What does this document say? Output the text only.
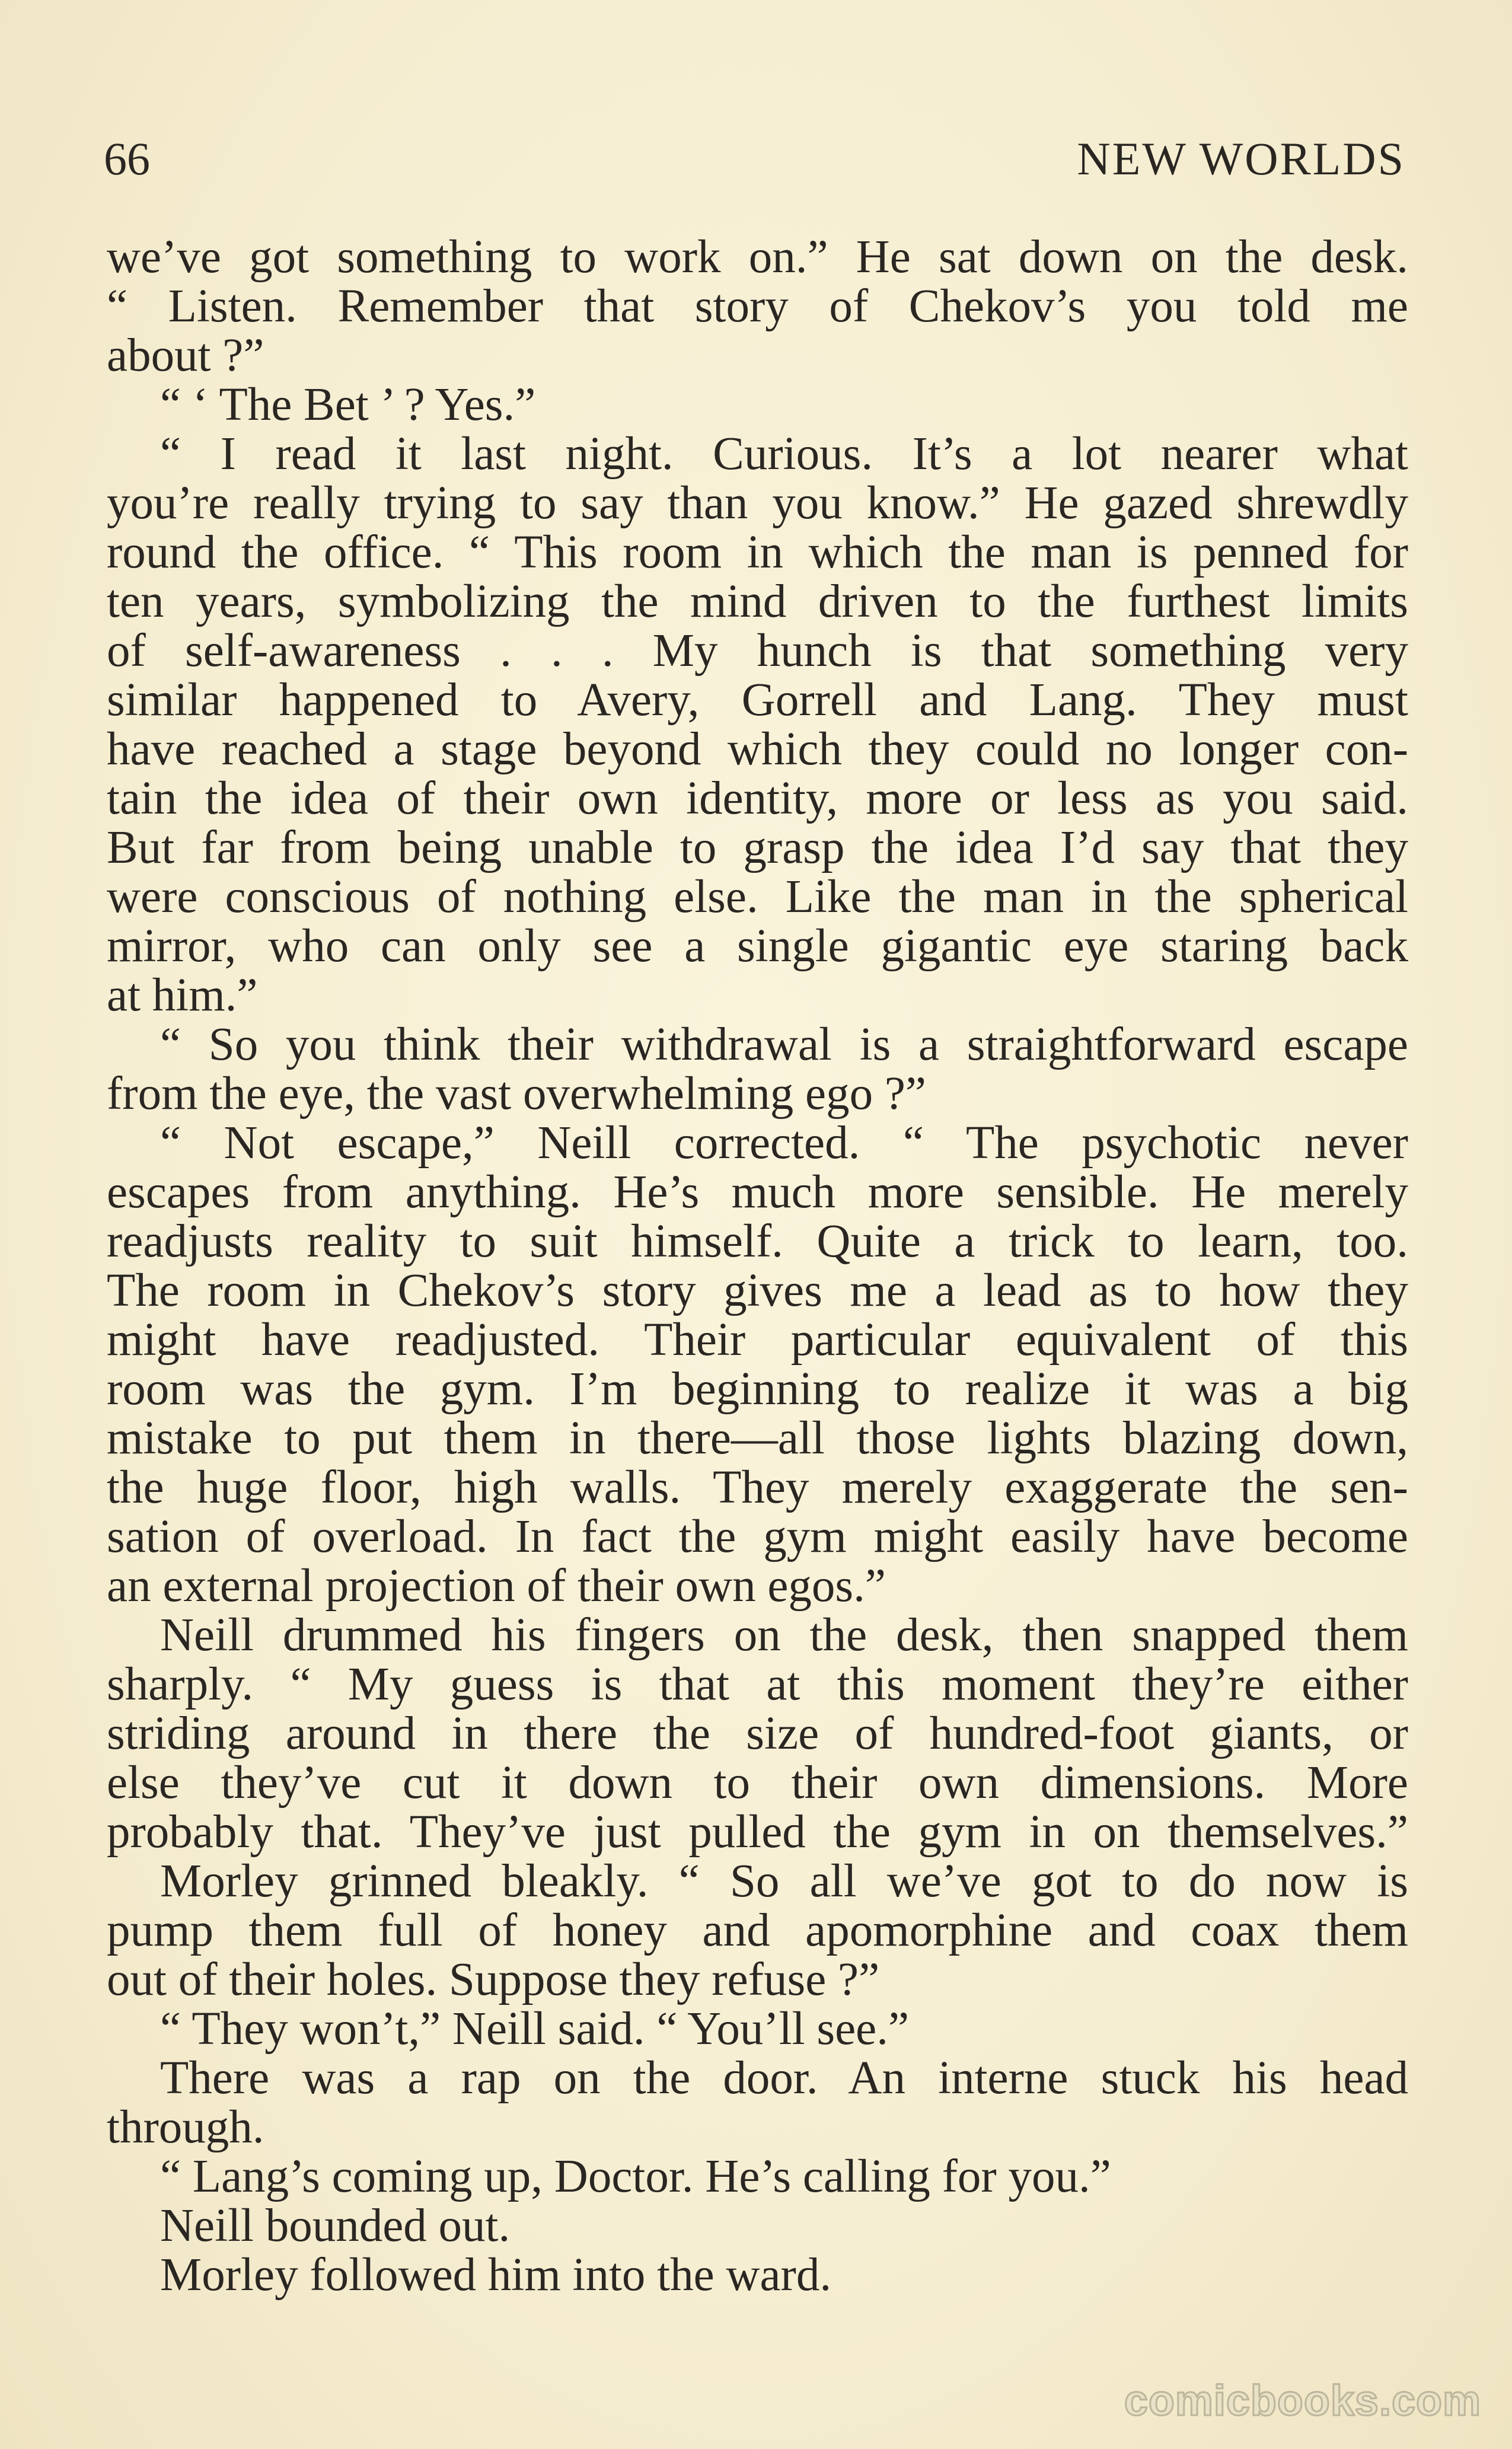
66	NEW WORLDS
we’ve got something to work on.” He sat down on the desk.
“ Listen. Remember that story of Chekov’s you told me
about ?”
“ ‘ The Bet ’ ? Yes.”
“ I read it last night. Curious. It’s a lot nearer what
you’re really trying to say than you know.” He gazed shrewdly
round the office. “ This room in which the man is penned for
ten years, symbolizing the mind driven to the furthest limits
of self-awareness . . . My hunch is that something very
similar happened to Avery, Gorrell and Lang. They must
have reached a stage beyond which they could no longer con-
tain the idea of their own identity, more or less as you said.
But far from being unable to grasp the idea I’d say that they
were conscious of nothing else. Like the man in the spherical
mirror, who can only see a single gigantic eye staring back
at him.”
“ So you think their withdrawal is a straightforward escape
from the eye, the vast overwhelming ego ?”
“ Not escape,” Neill corrected. “ The psychotic never
escapes from anything. He’s much more sensible. He merely
readjusts reality to suit himself. Quite a trick to learn, too.
The room in Chekov’s story gives me a lead as to how they
might have readjusted. Their particular equivalent of this
room was the gym. I’m beginning to realize it was a big
mistake to put them in there—all those lights blazing down,
the huge floor, high walls. They merely exaggerate the sen-
sation of overload. In fact the gym might easily have become
an external projection of their own egos.”
Neill drummed his fingers on the desk, then snapped them
sharply. “ My guess is that at this moment they’re either
striding around in there the size of hundred-foot giants, or
else they’ve cut it down to their own dimensions. More
probably that. They’ve just pulled the gym in on themselves.”
Morley grinned bleakly. “ So all we’ve got to do now is
pump them full of honey and apomorphine and coax them
out of their holes. Suppose they refuse ?”
“ They won’t,” Neill said. “ You’ll see.”
There was a rap on the door. An interne stuck his head
through.
“ Lang’s coming up, Doctor. He’s calling for you.”
Neill bounded out.
Morley followed him into the ward.
comicbooks.com
